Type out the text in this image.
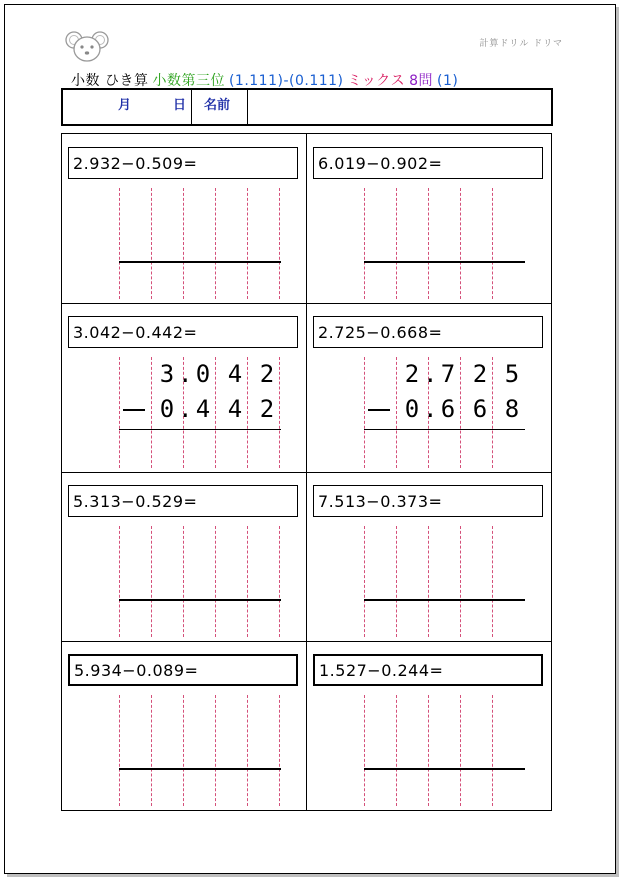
計算ドリル ドリマ
小数 ひき算 小数第三位 (1.111)-(0.111) ミックス 8問 (1)
月	日 名前
2.932−0.509=	6.019−0.902=
3.042−0.442=
3 . 0 4 2
0 . 4 4 2
2.725−0.668=
2 . 7 2 5
0 . 6 6 8
5.313−0.529=	7.513−0.373=
5.934−0.089=	1.527−0.244=
